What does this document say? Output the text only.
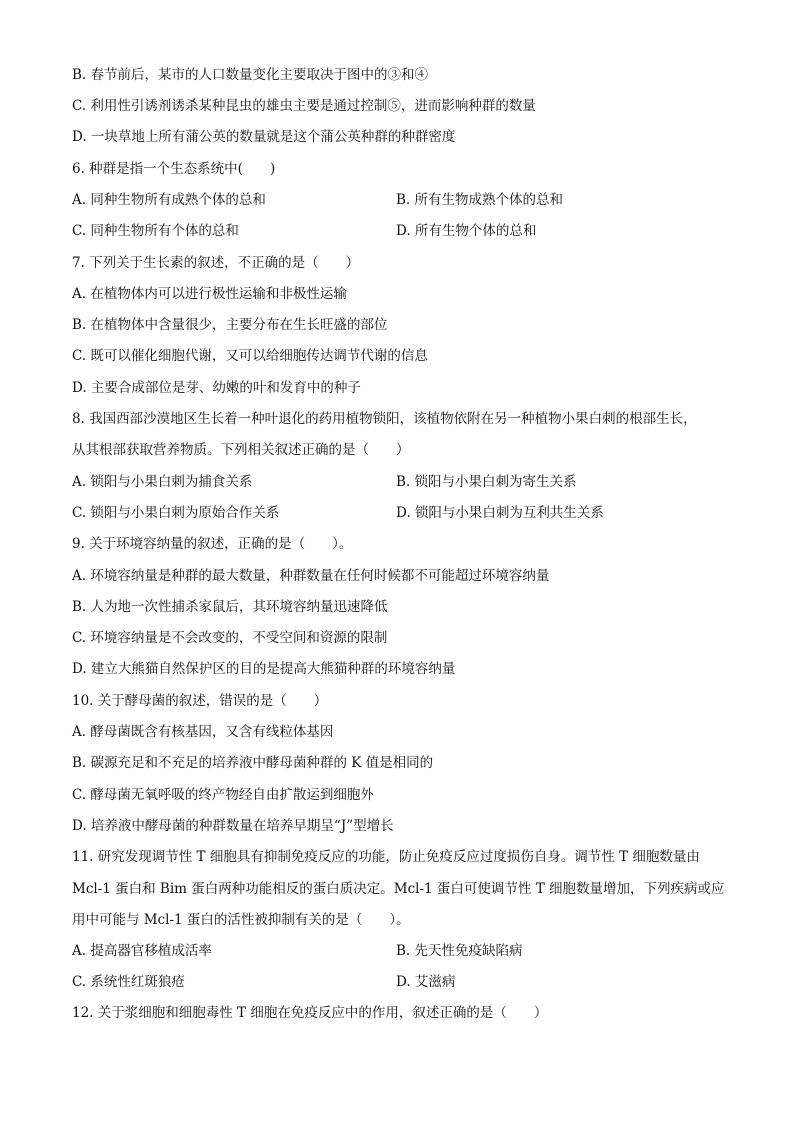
B. 春节前后，某市的人口数量变化主要取决于图中的③和④
C. 利用性引诱剂诱杀某种昆虫的雄虫主要是通过控制⑤，进而影响种群的数量
D. 一块草地上所有蒲公英的数量就是这个蒲公英种群的种群密度
6. 种群是指一个生态系统中(　　)
A. 同种生物所有成熟个体的总和	B. 所有生物成熟个体的总和
C. 同种生物所有个体的总和	D. 所有生物个体的总和
7. 下列关于生长素的叙述，不正确的是（　　）
A. 在植物体内可以进行极性运输和非极性运输
B. 在植物体中含量很少，主要分布在生长旺盛的部位
C. 既可以催化细胞代谢，又可以给细胞传达调节代谢的信息
D. 主要合成部位是芽、幼嫩的叶和发育中的种子
8. 我国西部沙漠地区生长着一种叶退化的药用植物锁阳，该植物依附在另一种植物小果白刺的根部生长，
从其根部获取营养物质。下列相关叙述正确的是（　　）
A. 锁阳与小果白刺为捕食关系	B. 锁阳与小果白刺为寄生关系
C. 锁阳与小果白刺为原始合作关系	D. 锁阳与小果白刺为互利共生关系
9. 关于环境容纳量的叙述，正确的是（　　）。
A. 环境容纳量是种群的最大数量，种群数量在任何时候都不可能超过环境容纳量
B. 人为地一次性捕杀家鼠后，其环境容纳量迅速降低
C. 环境容纳量是不会改变的，不受空间和资源的限制
D. 建立大熊猫自然保护区的目的是提高大熊猫种群的环境容纳量
10. 关于酵母菌的叙述，错误的是（　　）
A. 酵母菌既含有核基因，又含有线粒体基因
B. 碳源充足和不充足的培养液中酵母菌种群的 K 值是相同的
C. 酵母菌无氧呼吸的终产物经自由扩散运到细胞外
D. 培养液中酵母菌的种群数量在培养早期呈“J”型增长
11. 研究发现调节性 T 细胞具有抑制免疫反应的功能，防止免疫反应过度损伤自身。调节性 T 细胞数量由
Mcl-1 蛋白和 Bim 蛋白两种功能相反的蛋白质决定。Mcl-1 蛋白可使调节性 T 细胞数量增加，下列疾病或应
用中可能与 Mcl-1 蛋白的活性被抑制有关的是（　　）。
A. 提高器官移植成活率	B. 先天性免疫缺陷病
C. 系统性红斑狼疮	D. 艾滋病
12. 关于浆细胞和细胞毒性 T 细胞在免疫反应中的作用，叙述正确的是（　　）
